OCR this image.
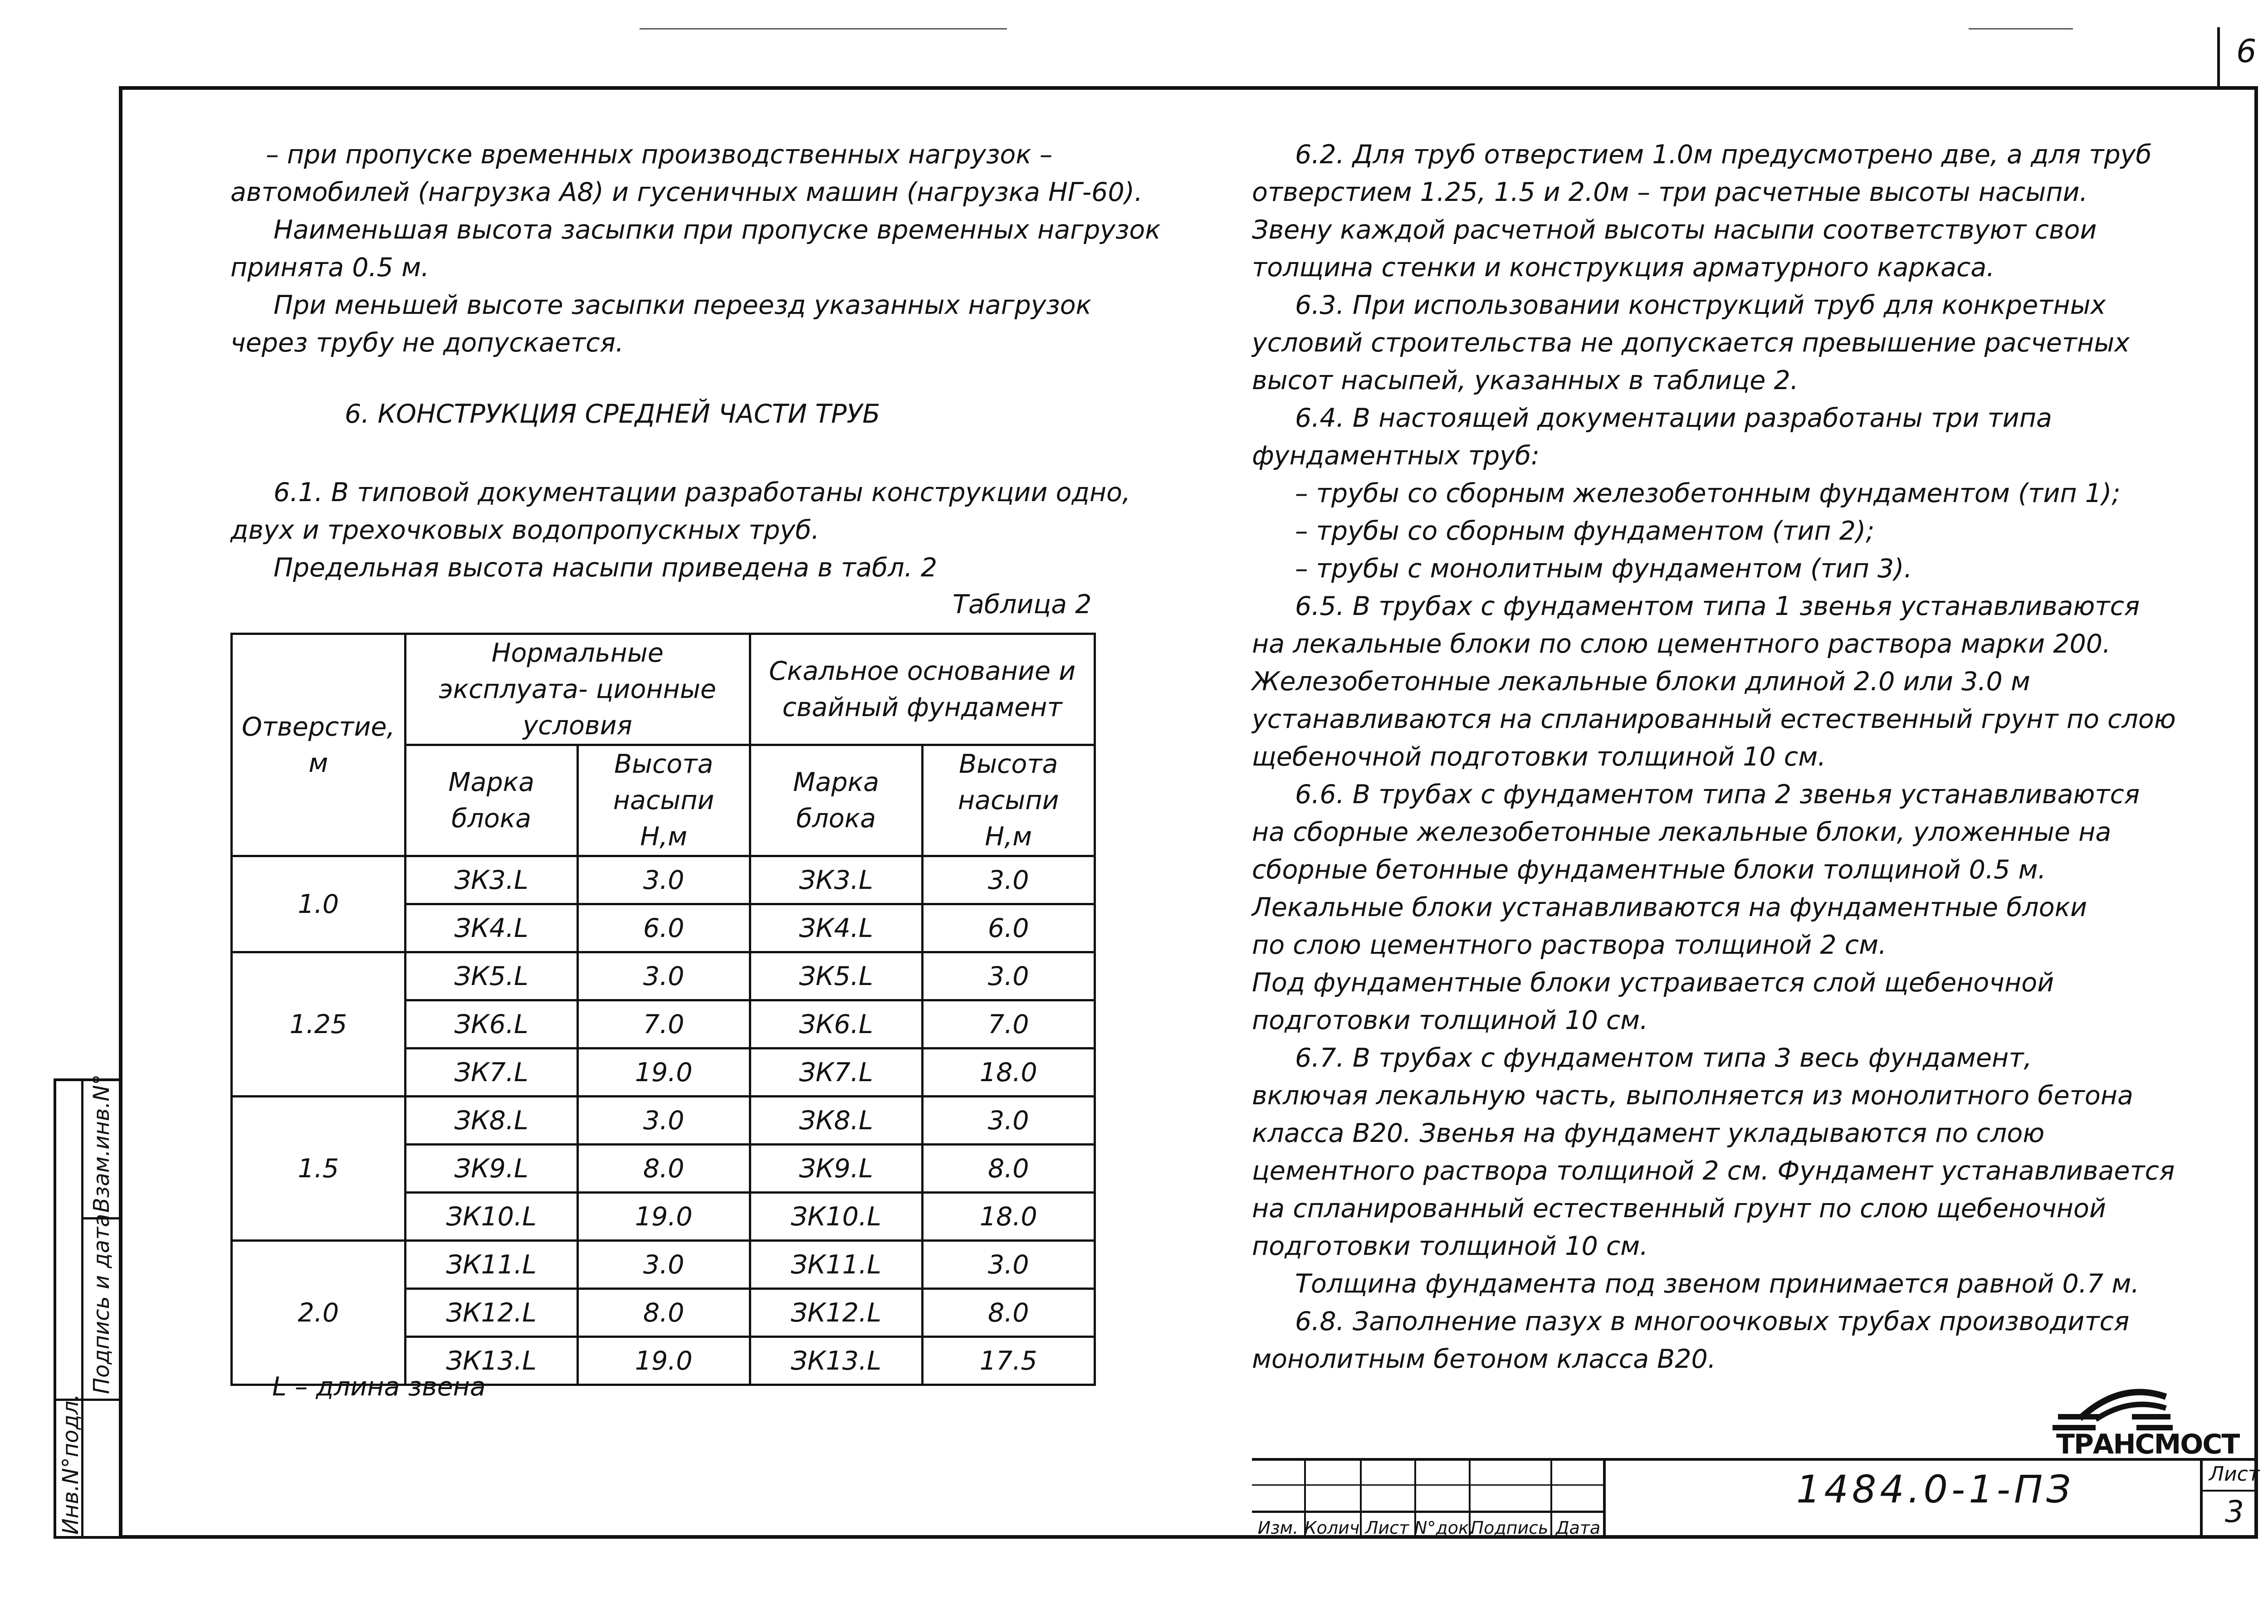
6
Взам.инв.N°
Подпись и дата
Инв.N°подл.

– при пропуске временных производственных нагрузок –

автомобилей (нагрузка А8) и гусеничных машин (нагрузка НГ-60).

Наименьшая высота засыпки при пропуске временных нагрузок

принята 0.5 м.

При меньшей высоте засыпки переезд указанных нагрузок

через трубу не допускается.

6. КОНСТРУКЦИЯ СРЕДНЕЙ ЧАСТИ ТРУБ

6.1. В типовой документации разработаны конструкции одно,

двух и трехочковых водопропускных труб.

Предельная высота насыпи приведена в табл. 2

Таблица 2
Отверстие, м	Нормальные эксплуата- ционные условия		Скальное основание и свайный фундамент	
	Марка блока	Высота насыпи Н,м	Марка блока	Высота насыпи Н,м
1.0	ЗК3.L	3.0	ЗК3.L	3.0
	ЗК4.L	6.0	ЗК4.L	6.0
1.25	ЗК5.L	3.0	ЗК5.L	3.0
	ЗК6.L	7.0	ЗК6.L	7.0
	ЗК7.L	19.0	ЗК7.L	18.0
1.5	ЗК8.L	3.0	ЗК8.L	3.0
	ЗК9.L	8.0	ЗК9.L	8.0
	ЗК10.L	19.0	ЗК10.L	18.0
2.0	ЗК11.L	3.0	ЗК11.L	3.0
	ЗК12.L	8.0	ЗК12.L	8.0
	ЗК13.L	19.0	ЗК13.L	17.5
L – длина звена

6.2. Для труб отверстием 1.0м предусмотрено две, а для труб

отверстием 1.25, 1.5 и 2.0м – три расчетные высоты насыпи.

Звену каждой расчетной высоты насыпи соответствуют свои

толщина стенки и конструкция арматурного каркаса.

6.3. При использовании конструкций труб для конкретных

условий строительства не допускается превышение расчетных

высот насыпей, указанных в таблице 2.

6.4. В настоящей документации разработаны три типа

фундаментных труб:

– трубы со сборным железобетонным фундаментом (тип 1);

– трубы со сборным фундаментом (тип 2);

– трубы с монолитным фундаментом (тип 3).

6.5. В трубах с фундаментом типа 1 звенья устанавливаются

на лекальные блоки по слою цементного раствора марки 200.

Железобетонные лекальные блоки длиной 2.0 или 3.0 м

устанавливаются на спланированный естественный грунт по слою

щебеночной подготовки толщиной 10 см.

6.6. В трубах с фундаментом типа 2 звенья устанавливаются

на сборные железобетонные лекальные блоки, уложенные на

сборные бетонные фундаментные блоки толщиной 0.5 м.

Лекальные блоки устанавливаются на фундаментные блоки

по слою цементного раствора толщиной 2 см.

Под фундаментные блоки устраивается слой щебеночной

подготовки толщиной 10 см.

6.7. В трубах с фундаментом типа 3 весь фундамент,

включая лекальную часть, выполняется из монолитного бетона

класса В20. Звенья на фундамент укладываются по слою

цементного раствора толщиной 2 см. Фундамент устанавливается

на спланированный естественный грунт по слою щебеночной

подготовки толщиной 10 см.

Толщина фундамента под звеном принимается равной 0.7 м.

6.8. Заполнение пазух в многоочковых трубах производится

монолитным бетоном класса В20.

ТРАНСМОСТ
Изм. Колич Лист N°док.
Подпись Дата
1484.0-1-ПЗ	Лист
3
